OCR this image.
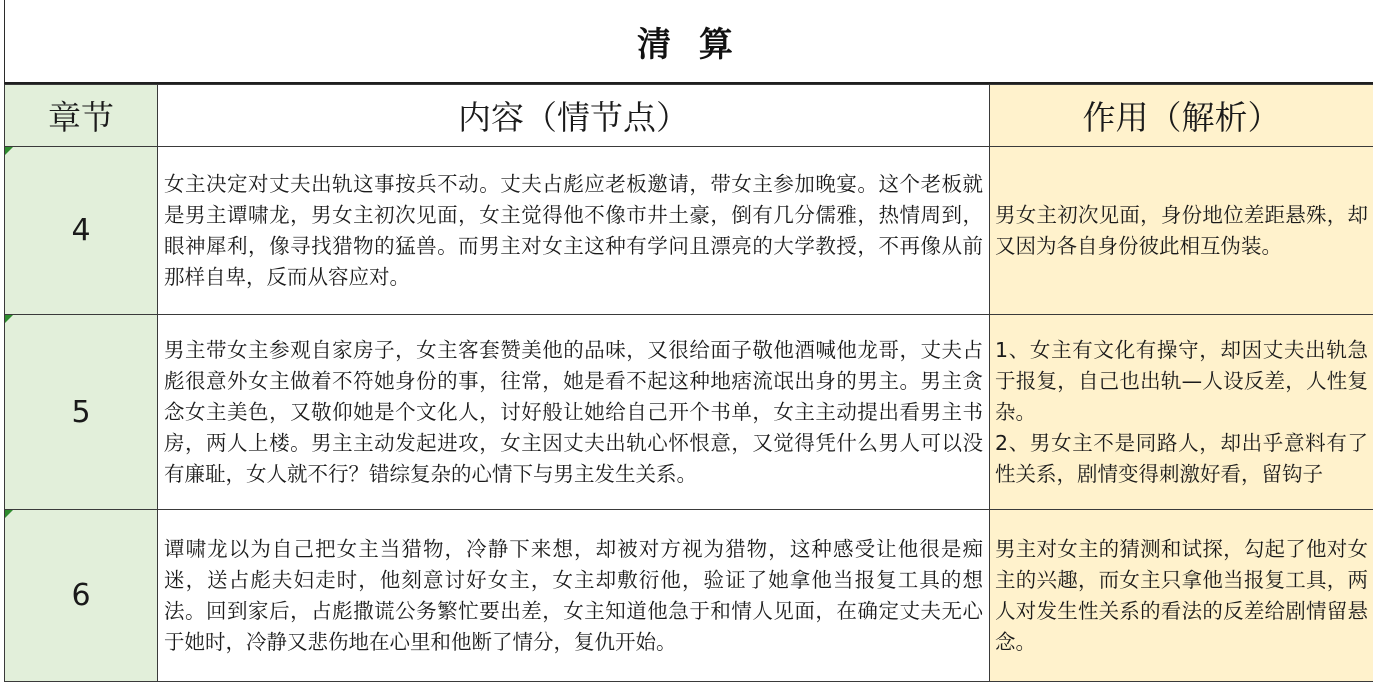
清 算
章节	内容（情节点）	作用（解析）

4	女主决定对丈夫出轨这事按兵不动。丈夫占彪应老板邀请，带女主参加晚宴。这个老板就是男主谭啸龙，男女主初次见面，女主觉得他不像市井土豪，倒有几分儒雅，热情周到，眼神犀利，像寻找猎物的猛兽。而男主对女主这种有学问且漂亮的大学教授，不再像从前那样自卑，反而从容应对。	男女主初次见面，身份地位差距悬殊，却又因为各自身份彼此相互伪装。

5	男主带女主参观自家房子，女主客套赞美他的品味，又很给面子敬他酒喊他龙哥，丈夫占彪很意外女主做着不符她身份的事，往常，她是看不起这种地痞流氓出身的男主。男主贪念女主美色，又敬仰她是个文化人，讨好般让她给自己开个书单，女主主动提出看男主书房，两人上楼。男主主动发起进攻，女主因丈夫出轨心怀恨意，又觉得凭什么男人可以没有廉耻，女人就不行？错综复杂的心情下与男主发生关系。	1、女主有文化有操守，却因丈夫出轨急于报复，自己也出轨—人设反差，人性复杂。
2、男女主不是同路人，却出乎意料有了性关系，剧情变得刺激好看，留钩子

6	谭啸龙以为自己把女主当猎物，冷静下来想，却被对方视为猎物，这种感受让他很是痴迷，送占彪夫妇走时，他刻意讨好女主，女主却敷衍他，验证了她拿他当报复工具的想法。回到家后，占彪撒谎公务繁忙要出差，女主知道他急于和情人见面，在确定丈夫无心于她时，冷静又悲伤地在心里和他断了情分，复仇开始。	男主对女主的猜测和试探，勾起了他对女主的兴趣，而女主只拿他当报复工具，两人对发生性关系的看法的反差给剧情留悬念。
